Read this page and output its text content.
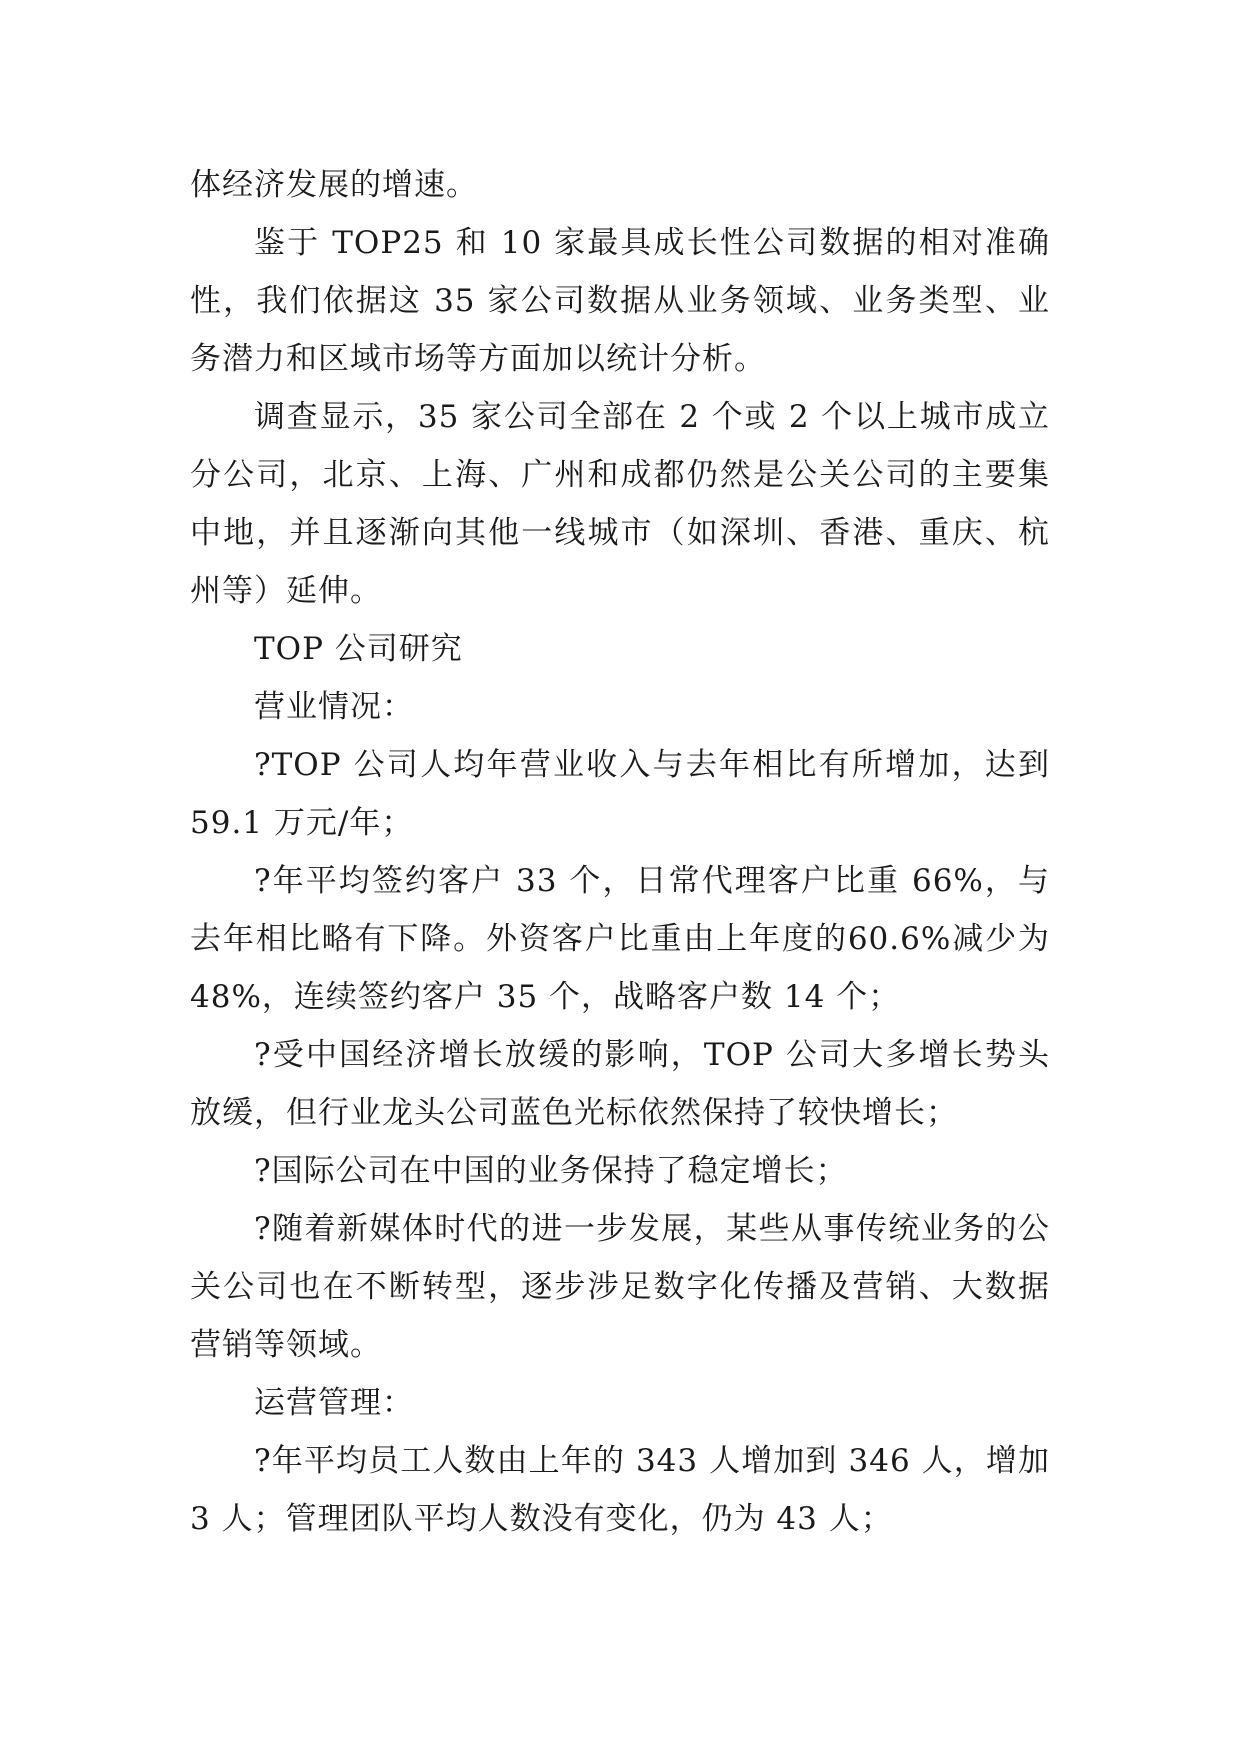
体经济发展的增速。

鉴于 TOP25 和 10 家最具成长性公司数据的相对准确性，我们依据这 35 家公司数据从业务领域、业务类型、业务潜力和区域市场等方面加以统计分析。

调查显示，35 家公司全部在 2 个或 2 个以上城市成立分公司，北京、上海、广州和成都仍然是公关公司的主要集中地，并且逐渐向其他一线城市（如深圳、香港、重庆、杭州等）延伸。

TOP 公司研究

营业情况：

?TOP 公司人均年营业收入与去年相比有所增加，达到 59.1 万元/年；

?年平均签约客户 33 个，日常代理客户比重 66%，与去年相比略有下降。外资客户比重由上年度的60.6%减少为 48%，连续签约客户 35 个，战略客户数 14 个；

?受中国经济增长放缓的影响，TOP 公司大多增长势头放缓，但行业龙头公司蓝色光标依然保持了较快增长；

?国际公司在中国的业务保持了稳定增长；

?随着新媒体时代的进一步发展，某些从事传统业务的公关公司也在不断转型，逐步涉足数字化传播及营销、大数据营销等领域。

运营管理：

?年平均员工人数由上年的 343 人增加到 346 人，增加 3 人；管理团队平均人数没有变化，仍为 43 人；
